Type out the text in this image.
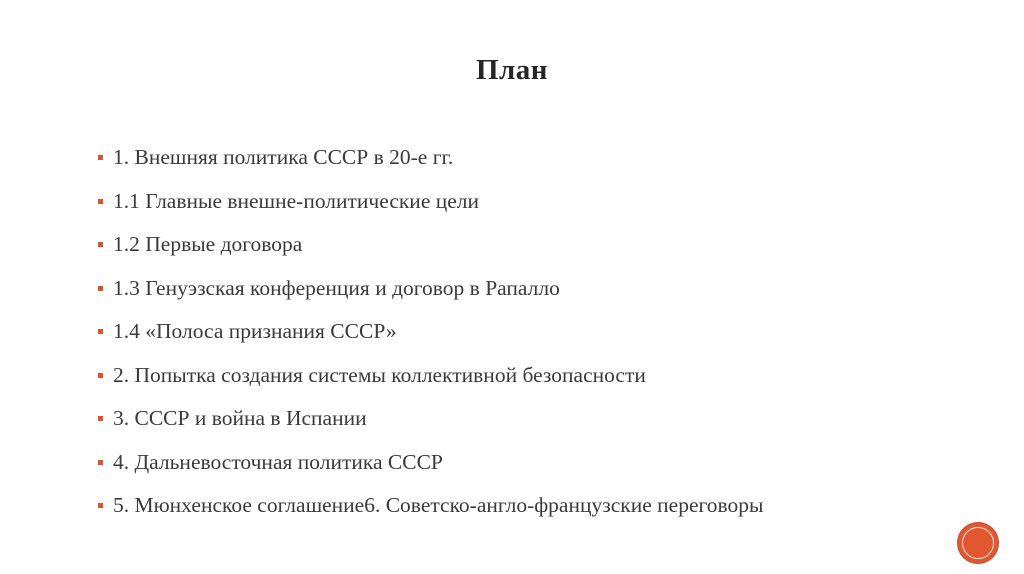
План
1. Внешняя политика СССР в 20-е гг.
1.1 Главные внешне-политические цели
1.2 Первые договора
1.3 Генуэзская конференция и договор в Рапалло
1.4 «Полоса признания СССР»
2. Попытка создания системы коллективной безопасности
3. СССР и война в Испании
4. Дальневосточная политика СССР
5. Мюнхенское соглашение6. Советско-англо-французские переговоры
